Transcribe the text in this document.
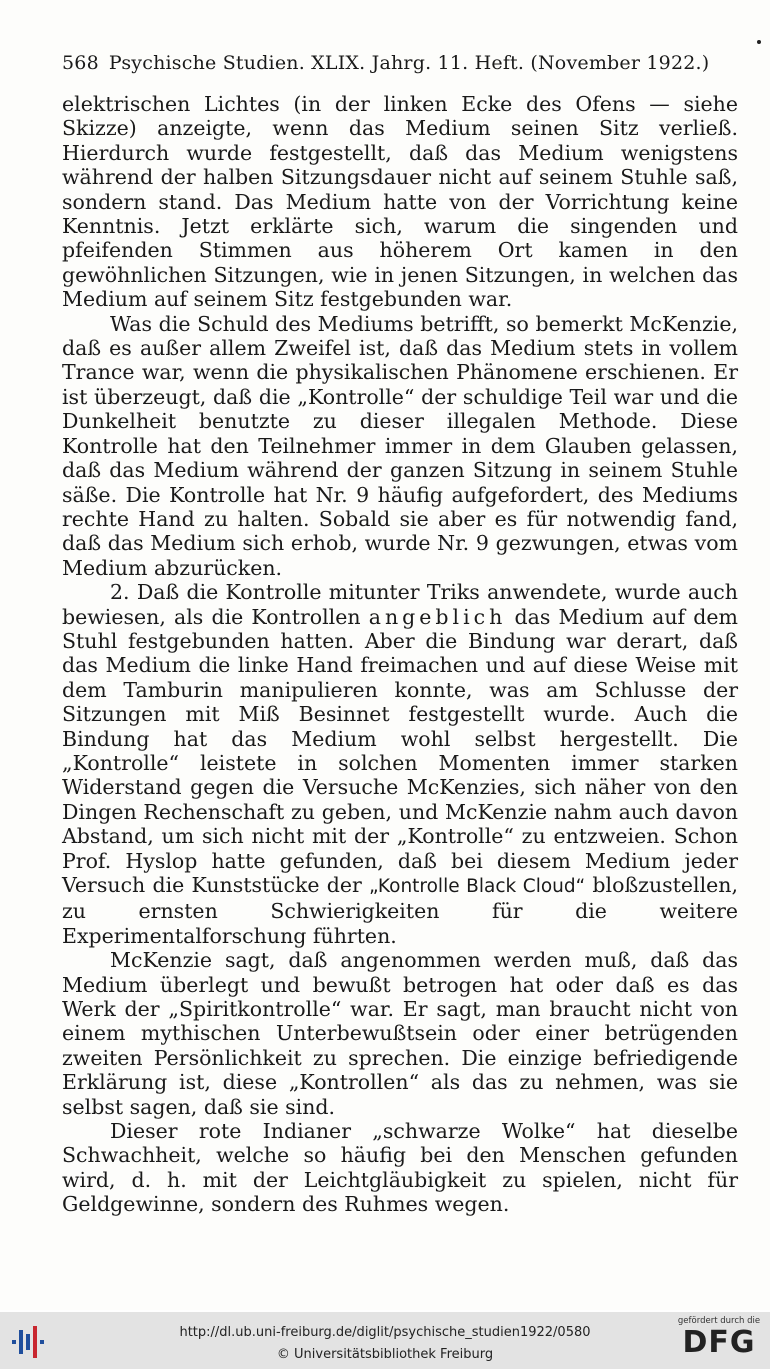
568 Psychische Studien. XLIX. Jahrg. 11. Heft. (November 1922.)

elektrischen Lichtes (in der linken Ecke des Ofens — siehe Skizze) anzeigte, wenn das Medium seinen Sitz verließ. Hierdurch wurde festgestellt, daß das Medium wenigstens während der halben Sitzungsdauer nicht auf seinem Stuhle saß, sondern stand. Das Medium hatte von der Vorrichtung keine Kenntnis. Jetzt erklärte sich, warum die singenden und pfeifenden Stimmen aus höherem Ort kamen in den gewöhnlichen Sitzungen, wie in jenen Sitzungen, in welchen das Medium auf seinem Sitz festgebunden war.

Was die Schuld des Mediums betrifft, so bemerkt McKenzie, daß es außer allem Zweifel ist, daß das Medium stets in vollem Trance war, wenn die physikalischen Phänomene erschienen. Er ist überzeugt, daß die „Kontrolle“ der schuldige Teil war und die Dunkelheit benutzte zu dieser illegalen Methode. Diese Kontrolle hat den Teilnehmer immer in dem Glauben gelassen, daß das Medium während der ganzen Sitzung in seinem Stuhle säße. Die Kontrolle hat Nr. 9 häufig aufgefordert, des Mediums rechte Hand zu halten. Sobald sie aber es für notwendig fand, daß das Medium sich erhob, wurde Nr. 9 gezwungen, etwas vom Medium abzurücken.

2. Daß die Kontrolle mitunter Triks anwendete, wurde auch bewiesen, als die Kontrollen angeblich das Medium auf dem Stuhl festgebunden hatten. Aber die Bindung war derart, daß das Medium die linke Hand freimachen und auf diese Weise mit dem Tamburin manipulieren konnte, was am Schlusse der Sitzungen mit Miß Besinnet festgestellt wurde. Auch die Bindung hat das Medium wohl selbst hergestellt. Die „Kontrolle“ leistete in solchen Momenten immer starken Widerstand gegen die Versuche McKenzies, sich näher von den Dingen Rechenschaft zu geben, und McKenzie nahm auch davon Abstand, um sich nicht mit der „Kontrolle“ zu entzweien. Schon Prof. Hyslop hatte gefunden, daß bei diesem Medium jeder Versuch die Kunststücke der „Kontrolle Black Cloud“ bloßzustellen, zu ernsten Schwierigkeiten für die weitere Experimentalforschung führten.

McKenzie sagt, daß angenommen werden muß, daß das Medium überlegt und bewußt betrogen hat oder daß es das Werk der „Spiritkontrolle“ war. Er sagt, man braucht nicht von einem mythischen Unterbewußtsein oder einer betrügenden zweiten Persönlichkeit zu sprechen. Die einzige befriedigende Erklärung ist, diese „Kontrollen“ als das zu nehmen, was sie selbst sagen, daß sie sind.

Dieser rote Indianer „schwarze Wolke“ hat dieselbe Schwachheit, welche so häufig bei den Menschen gefunden wird, d. h. mit der Leichtgläubigkeit zu spielen, nicht für Geldgewinne, sondern des Ruhmes wegen.

http://dl.ub.uni-freiburg.de/diglit/psychische_studien1922/0580
© Universitätsbibliothek Freiburg
gefördert durch die
DFG
